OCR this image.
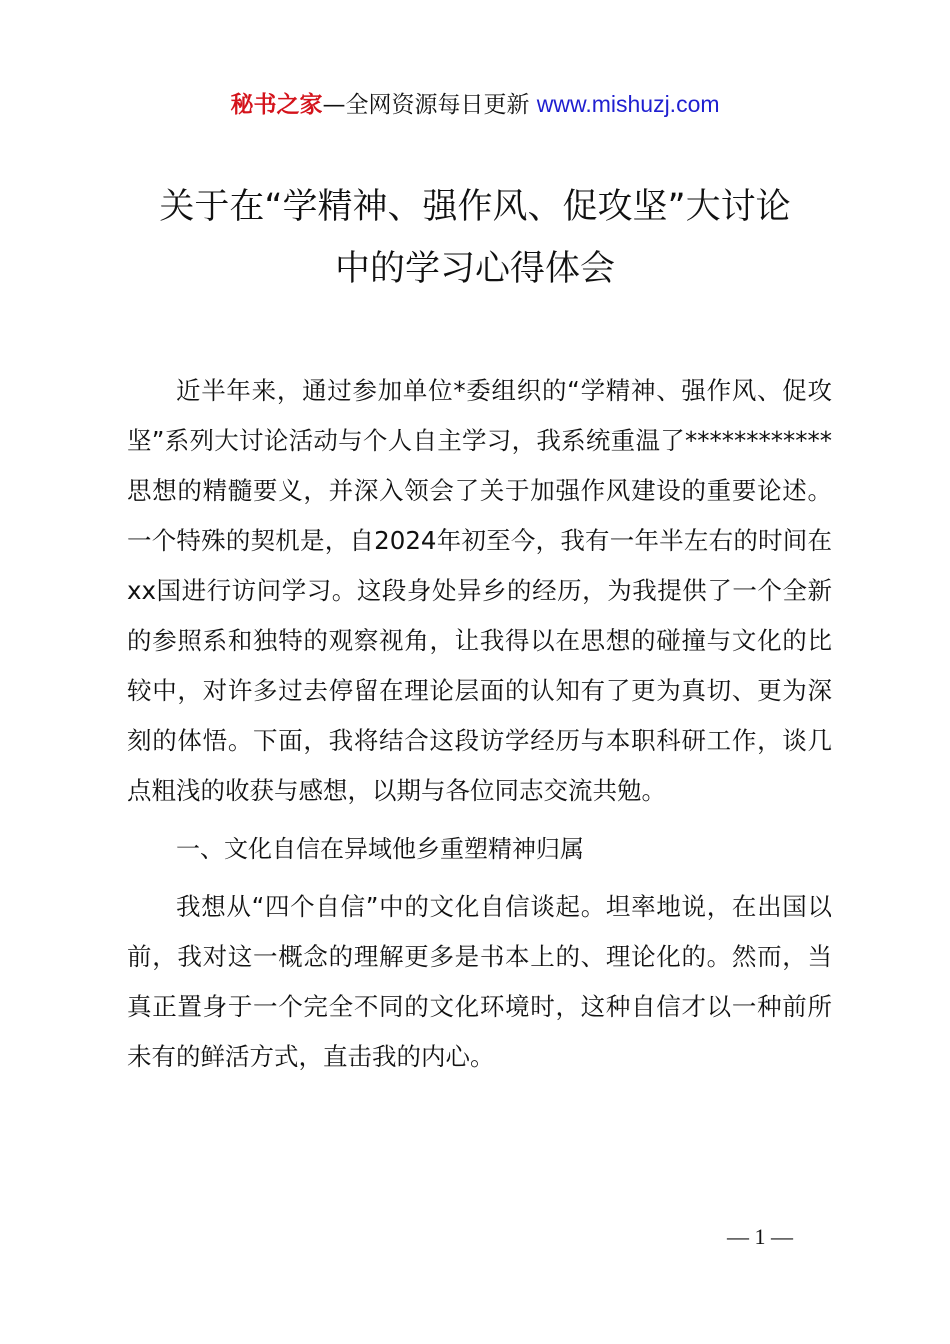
秘书之家—全网资源每日更新 www.mishuzj.com
关于在“学精神、强作风、促攻坚”大讨论
中的学习心得体会

近半年来，通过参加单位*委组织的“学精神、强作风、促攻坚”系列大讨论活动与个人自主学习，我系统重温了************思想的精髓要义，并深入领会了关于加强作风建设的重要论述。一个特殊的契机是，自2024年初至今，我有一年半左右的时间在xx国进行访问学习。这段身处异乡的经历，为我提供了一个全新的参照系和独特的观察视角，让我得以在思想的碰撞与文化的比较中，对许多过去停留在理论层面的认知有了更为真切、更为深刻的体悟。下面，我将结合这段访学经历与本职科研工作，谈几点粗浅的收获与感想，以期与各位同志交流共勉。

一、文化自信在异域他乡重塑精神归属

我想从“四个自信”中的文化自信谈起。坦率地说，在出国以前，我对这一概念的理解更多是书本上的、理论化的。然而，当真正置身于一个完全不同的文化环境时，这种自信才以一种前所未有的鲜活方式，直击我的内心。

— 1 —
